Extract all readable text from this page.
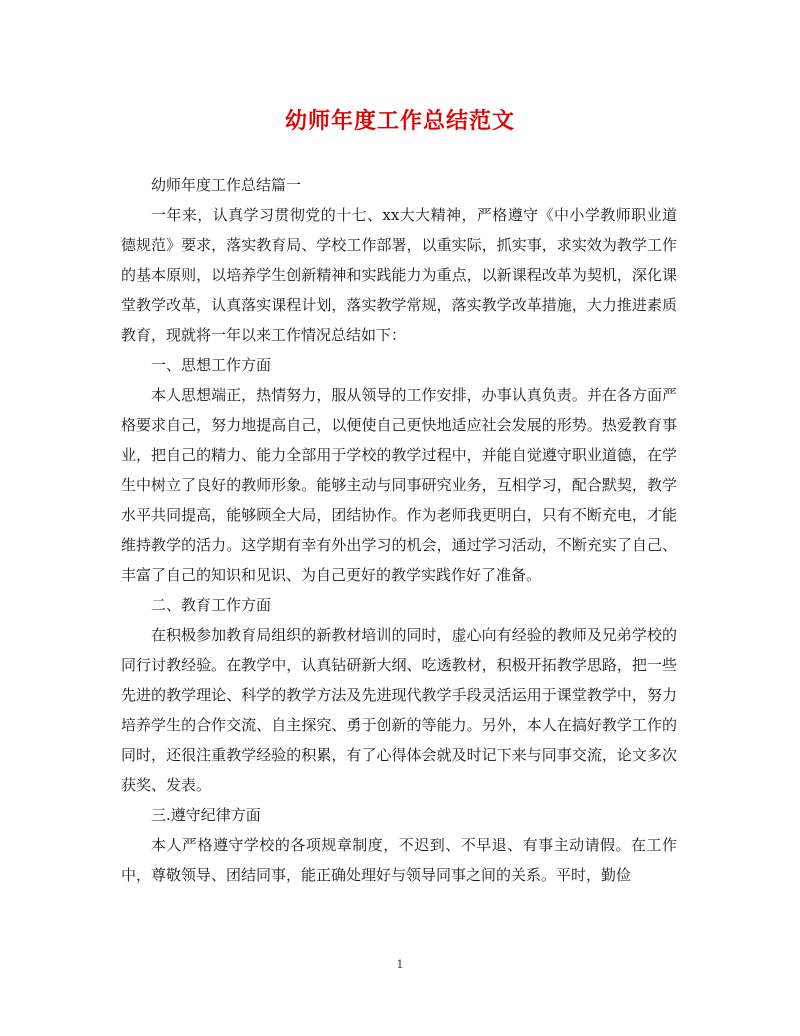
幼师年度工作总结范文

幼师年度工作总结篇一

一年来，认真学习贯彻党的十七、xx大大精神，严格遵守《中小学教师职业道德规范》要求，落实教育局、学校工作部署，以重实际，抓实事，求实效为教学工作的基本原则，以培养学生创新精神和实践能力为重点，以新课程改革为契机，深化课堂教学改革，认真落实课程计划，落实教学常规，落实教学改革措施，大力推进素质教育，现就将一年以来工作情况总结如下：

一、思想工作方面

本人思想端正，热情努力，服从领导的工作安排，办事认真负责。并在各方面严格要求自己，努力地提高自己，以便使自己更快地适应社会发展的形势。热爱教育事业，把自己的精力、能力全部用于学校的教学过程中，并能自觉遵守职业道德，在学生中树立了良好的教师形象。能够主动与同事研究业务，互相学习，配合默契，教学水平共同提高，能够顾全大局，团结协作。作为老师我更明白，只有不断充电，才能维持教学的活力。这学期有幸有外出学习的机会，通过学习活动，不断充实了自己、丰富了自己的知识和见识、为自己更好的教学实践作好了准备。

二、教育工作方面

在积极参加教育局组织的新教材培训的同时，虚心向有经验的教师及兄弟学校的同行讨教经验。在教学中，认真钻研新大纲、吃透教材，积极开拓教学思路，把一些先进的教学理论、科学的教学方法及先进现代教学手段灵活运用于课堂教学中，努力培养学生的合作交流、自主探究、勇于创新的等能力。另外，本人在搞好教学工作的同时，还很注重教学经验的积累，有了心得体会就及时记下来与同事交流，论文多次获奖、发表。

三.遵守纪律方面

本人严格遵守学校的各项规章制度，不迟到、不早退、有事主动请假。在工作中，尊敬领导、团结同事，能正确处理好与领导同事之间的关系。平时，勤俭

1
